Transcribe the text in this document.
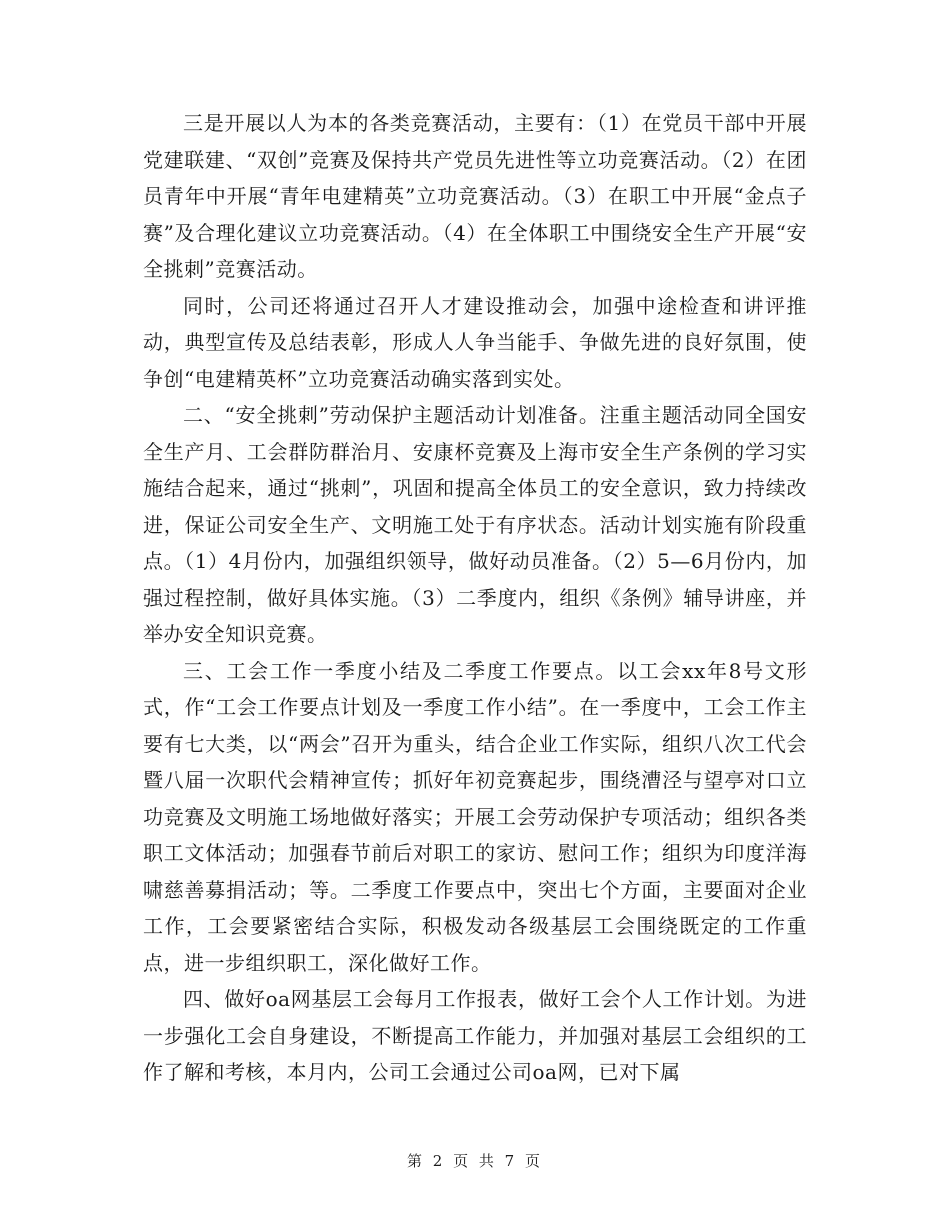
三是开展以人为本的各类竞赛活动，主要有：（1）在党员干部中开展党建联建、“双创”竞赛及保持共产党员先进性等立功竞赛活动。（2）在团员青年中开展“青年电建精英”立功竞赛活动。（3）在职工中开展“金点子赛”及合理化建议立功竞赛活动。（4）在全体职工中围绕安全生产开展“安全挑刺”竞赛活动。

同时，公司还将通过召开人才建设推动会，加强中途检查和讲评推动，典型宣传及总结表彰，形成人人争当能手、争做先进的良好氛围，使争创“电建精英杯”立功竞赛活动确实落到实处。

二、“安全挑刺”劳动保护主题活动计划准备。注重主题活动同全国安全生产月、工会群防群治月、安康杯竞赛及上海市安全生产条例的学习实施结合起来，通过“挑刺”，巩固和提高全体员工的安全意识，致力持续改进，保证公司安全生产、文明施工处于有序状态。活动计划实施有阶段重点。（1）4月份内，加强组织领导，做好动员准备。（2）5—6月份内，加强过程控制，做好具体实施。（3）二季度内，组织《条例》辅导讲座，并举办安全知识竞赛。

三、工会工作一季度小结及二季度工作要点。以工会xx年8号文形式，作“工会工作要点计划及一季度工作小结”。在一季度中，工会工作主要有七大类，以“两会”召开为重头，结合企业工作实际，组织八次工代会暨八届一次职代会精神宣传；抓好年初竞赛起步，围绕漕泾与望亭对口立功竞赛及文明施工场地做好落实；开展工会劳动保护专项活动；组织各类职工文体活动；加强春节前后对职工的家访、慰问工作；组织为印度洋海啸慈善募捐活动；等。二季度工作要点中，突出七个方面，主要面对企业工作，工会要紧密结合实际，积极发动各级基层工会围绕既定的工作重点，进一步组织职工，深化做好工作。

四、做好oa网基层工会每月工作报表，做好工会个人工作计划。为进一步强化工会自身建设，不断提高工作能力，并加强对基层工会组织的工作了解和考核，本月内，公司工会通过公司oa网，已对下属

第 2 页 共 7 页
